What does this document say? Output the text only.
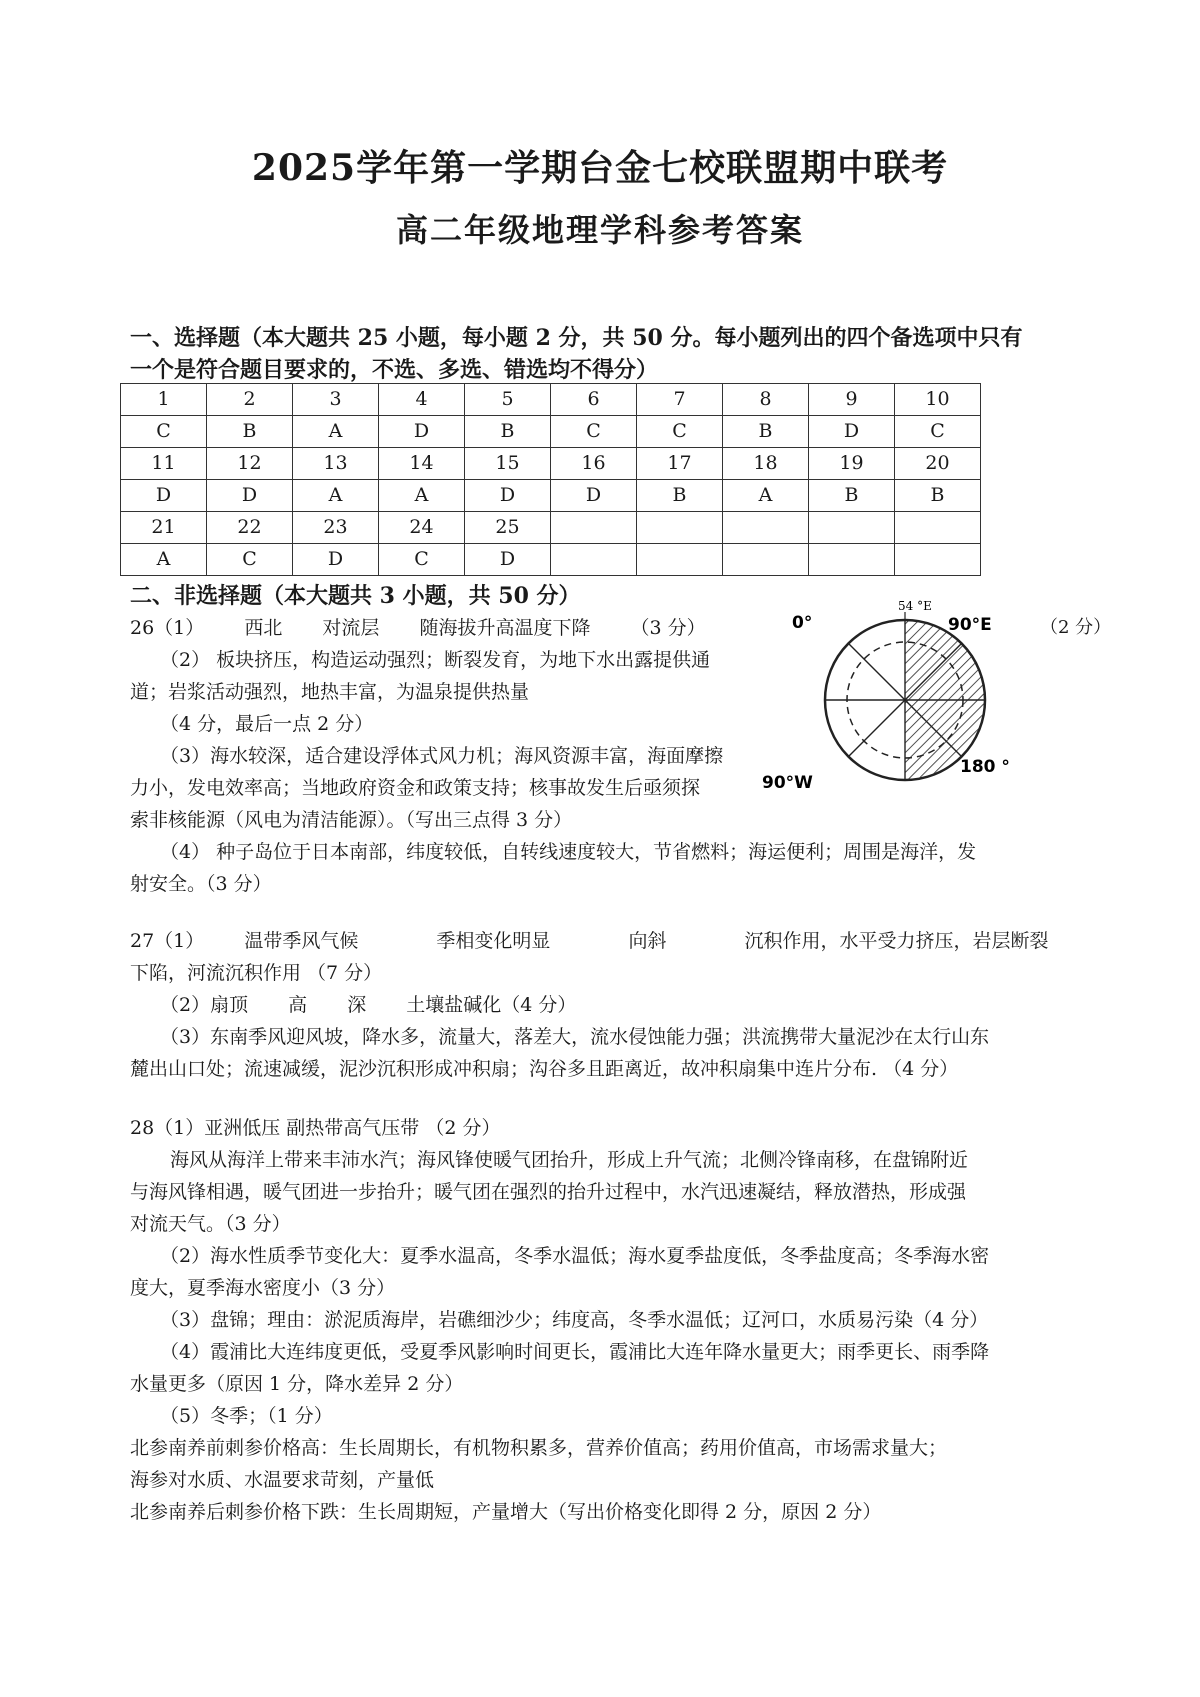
2025学年第一学期台金七校联盟期中联考
高二年级地理学科参考答案
一、选择题（本大题共 25 小题，每小题 2 分，共 50 分。每小题列出的四个备选项中只有
一个是符合题目要求的，不选、多选、错选均不得分）
1	2	3	4	5	6	7	8	9	10
C	B	A	D	B	C	C	B	D	C
11	12	13	14	15	16	17	18	19	20
D	D	A	A	D	D	B	A	B	B
21	22	23	24	25					
A	C	D	C	D					
二、非选择题（本大题共 3 小题，共 50 分）
26（1） 西北 对流层 随海拔升高温度下降 （3 分）
（2） 板块挤压，构造运动强烈；断裂发育，为地下水出露提供通
道；岩浆活动强烈，地热丰富，为温泉提供热量
（4 分，最后一点 2 分）
（3）海水较深，适合建设浮体式风力机；海风资源丰富，海面摩擦
力小，发电效率高；当地政府资金和政策支持；核事故发生后亟须探
索非核能源（风电为清洁能源）。（写出三点得 3 分）
（4） 种子岛位于日本南部，纬度较低，自转线速度较大，节省燃料；海运便利；周围是海洋，发
射安全。（3 分）
（2 分）
54 °E
0°	90°E
90°W
180 °
27（1） 温带季风气候	季相变化明显	向斜	沉积作用，水平受力挤压，岩层断裂
下陷，河流沉积作用 （7 分）
（2）扇顶 高 深 土壤盐碱化（4 分）
（3）东南季风迎风坡，降水多，流量大，落差大，流水侵蚀能力强；洪流携带大量泥沙在太行山东
麓出山口处；流速减缓，泥沙沉积形成冲积扇；沟谷多且距离近，故冲积扇集中连片分布. （4 分）
28（1）亚洲低压 副热带高气压带 （2 分）
海风从海洋上带来丰沛水汽；海风锋使暖气团抬升，形成上升气流；北侧冷锋南移，在盘锦附近
与海风锋相遇，暖气团进一步抬升；暖气团在强烈的抬升过程中，水汽迅速凝结，释放潜热，形成强
对流天气。（3 分）
（2）海水性质季节变化大：夏季水温高，冬季水温低；海水夏季盐度低，冬季盐度高；冬季海水密
度大，夏季海水密度小（3 分）
（3）盘锦；理由：淤泥质海岸，岩礁细沙少；纬度高，冬季水温低；辽河口，水质易污染（4 分）
（4）霞浦比大连纬度更低，受夏季风影响时间更长，霞浦比大连年降水量更大；雨季更长、雨季降
水量更多（原因 1 分，降水差异 2 分）
（5）冬季；（1 分）
北参南养前刺参价格高：生长周期长，有机物积累多，营养价值高；药用价值高，市场需求量大；
海参对水质、水温要求苛刻，产量低
北参南养后刺参价格下跌：生长周期短，产量增大（写出价格变化即得 2 分，原因 2 分）
